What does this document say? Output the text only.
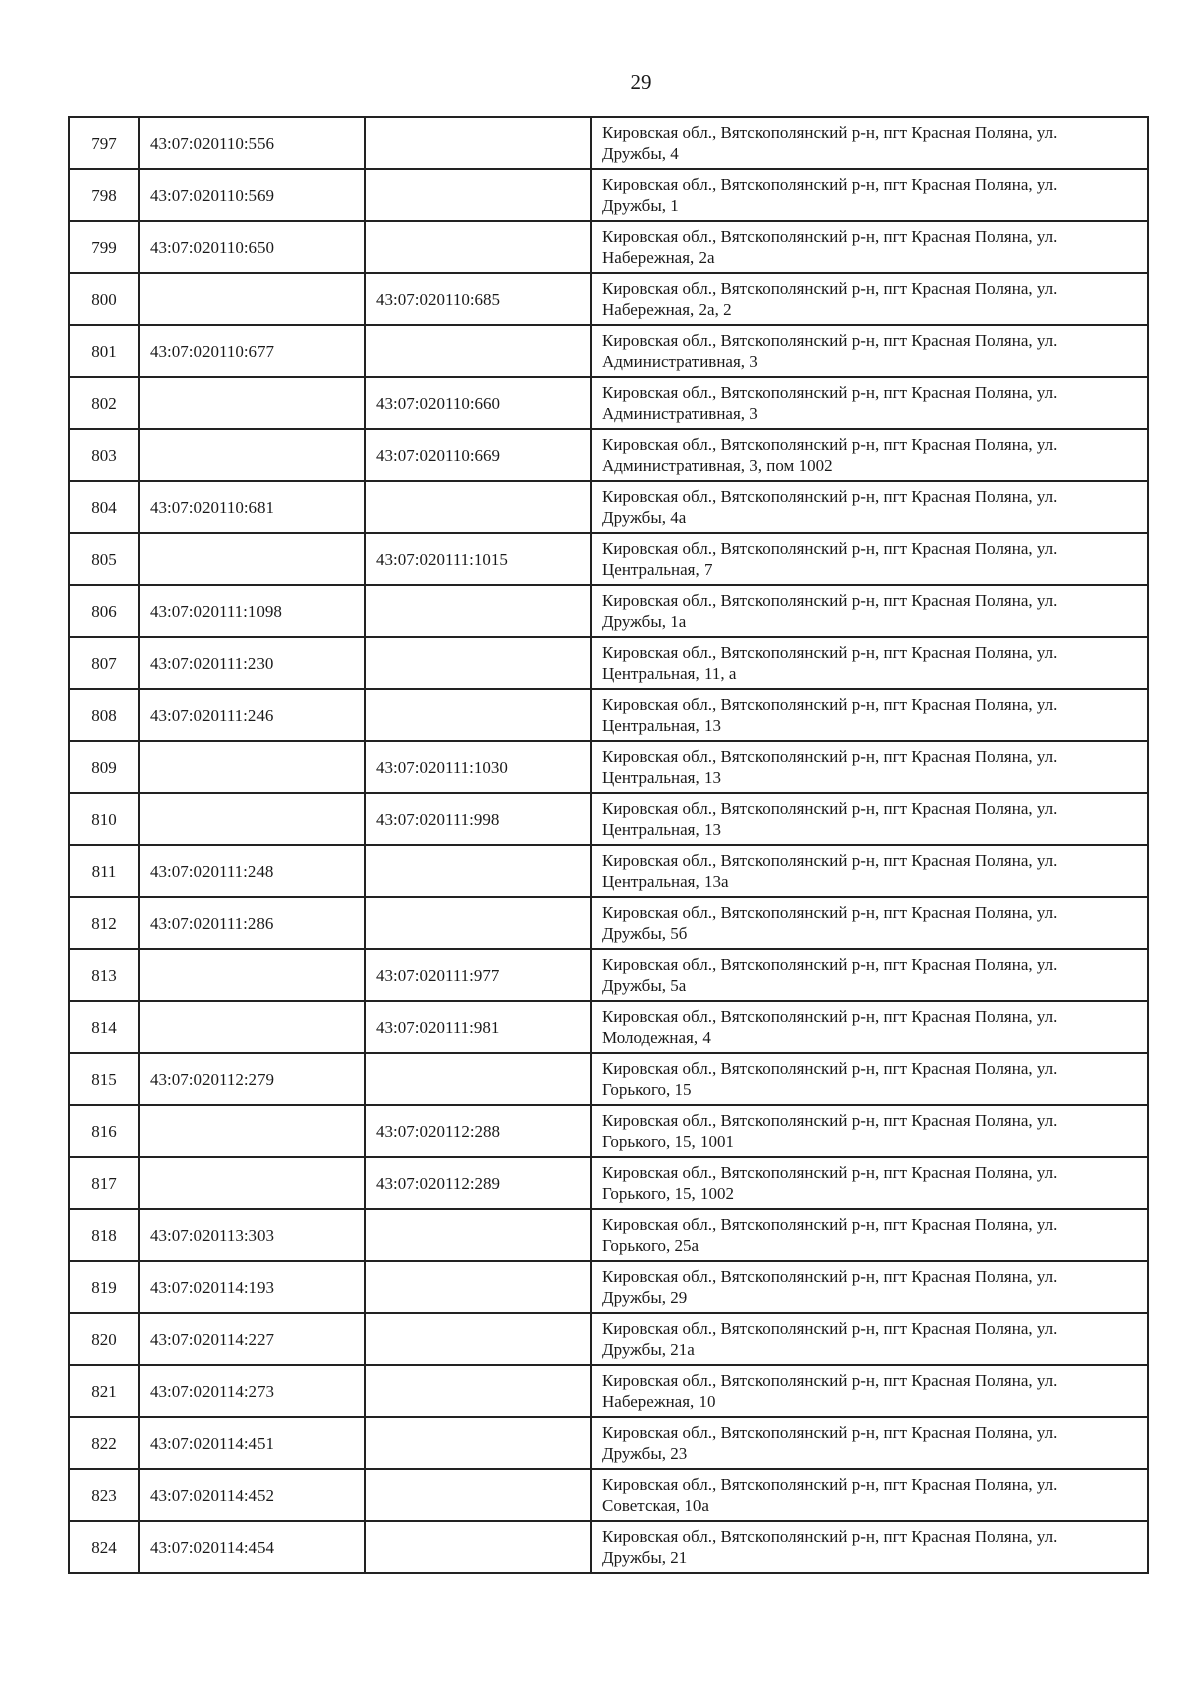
29
797	43:07:020110:556		Кировская обл., Вятскополянский р-н, пгт Красная Поляна, ул.
Дружбы, 4

798	43:07:020110:569		Кировская обл., Вятскополянский р-н, пгт Красная Поляна, ул.
Дружбы, 1

799	43:07:020110:650		Кировская обл., Вятскополянский р-н, пгт Красная Поляна, ул.
Набережная, 2а

800		43:07:020110:685	Кировская обл., Вятскополянский р-н, пгт Красная Поляна, ул.
Набережная, 2а, 2

801	43:07:020110:677		Кировская обл., Вятскополянский р-н, пгт Красная Поляна, ул.
Административная, 3

802		43:07:020110:660	Кировская обл., Вятскополянский р-н, пгт Красная Поляна, ул.
Административная, 3

803		43:07:020110:669	Кировская обл., Вятскополянский р-н, пгт Красная Поляна, ул.
Административная, 3, пом 1002

804	43:07:020110:681		Кировская обл., Вятскополянский р-н, пгт Красная Поляна, ул.
Дружбы, 4а

805		43:07:020111:1015	Кировская обл., Вятскополянский р-н, пгт Красная Поляна, ул.
Центральная, 7

806	43:07:020111:1098		Кировская обл., Вятскополянский р-н, пгт Красная Поляна, ул.
Дружбы, 1а

807	43:07:020111:230		Кировская обл., Вятскополянский р-н, пгт Красная Поляна, ул.
Центральная, 11, а

808	43:07:020111:246		Кировская обл., Вятскополянский р-н, пгт Красная Поляна, ул.
Центральная, 13

809		43:07:020111:1030	Кировская обл., Вятскополянский р-н, пгт Красная Поляна, ул.
Центральная, 13

810		43:07:020111:998	Кировская обл., Вятскополянский р-н, пгт Красная Поляна, ул.
Центральная, 13

811	43:07:020111:248		Кировская обл., Вятскополянский р-н, пгт Красная Поляна, ул.
Центральная, 13а

812	43:07:020111:286		Кировская обл., Вятскополянский р-н, пгт Красная Поляна, ул.
Дружбы, 5б

813		43:07:020111:977	Кировская обл., Вятскополянский р-н, пгт Красная Поляна, ул.
Дружбы, 5а

814		43:07:020111:981	Кировская обл., Вятскополянский р-н, пгт Красная Поляна, ул.
Молодежная, 4

815	43:07:020112:279		Кировская обл., Вятскополянский р-н, пгт Красная Поляна, ул.
Горького, 15

816		43:07:020112:288	Кировская обл., Вятскополянский р-н, пгт Красная Поляна, ул.
Горького, 15, 1001

817		43:07:020112:289	Кировская обл., Вятскополянский р-н, пгт Красная Поляна, ул.
Горького, 15, 1002

818	43:07:020113:303		Кировская обл., Вятскополянский р-н, пгт Красная Поляна, ул.
Горького, 25а

819	43:07:020114:193		Кировская обл., Вятскополянский р-н, пгт Красная Поляна, ул.
Дружбы, 29

820	43:07:020114:227		Кировская обл., Вятскополянский р-н, пгт Красная Поляна, ул.
Дружбы, 21а

821	43:07:020114:273		Кировская обл., Вятскополянский р-н, пгт Красная Поляна, ул.
Набережная, 10

822	43:07:020114:451		Кировская обл., Вятскополянский р-н, пгт Красная Поляна, ул.
Дружбы, 23

823	43:07:020114:452		Кировская обл., Вятскополянский р-н, пгт Красная Поляна, ул.
Советская, 10а

824	43:07:020114:454		Кировская обл., Вятскополянский р-н, пгт Красная Поляна, ул.
Дружбы, 21
